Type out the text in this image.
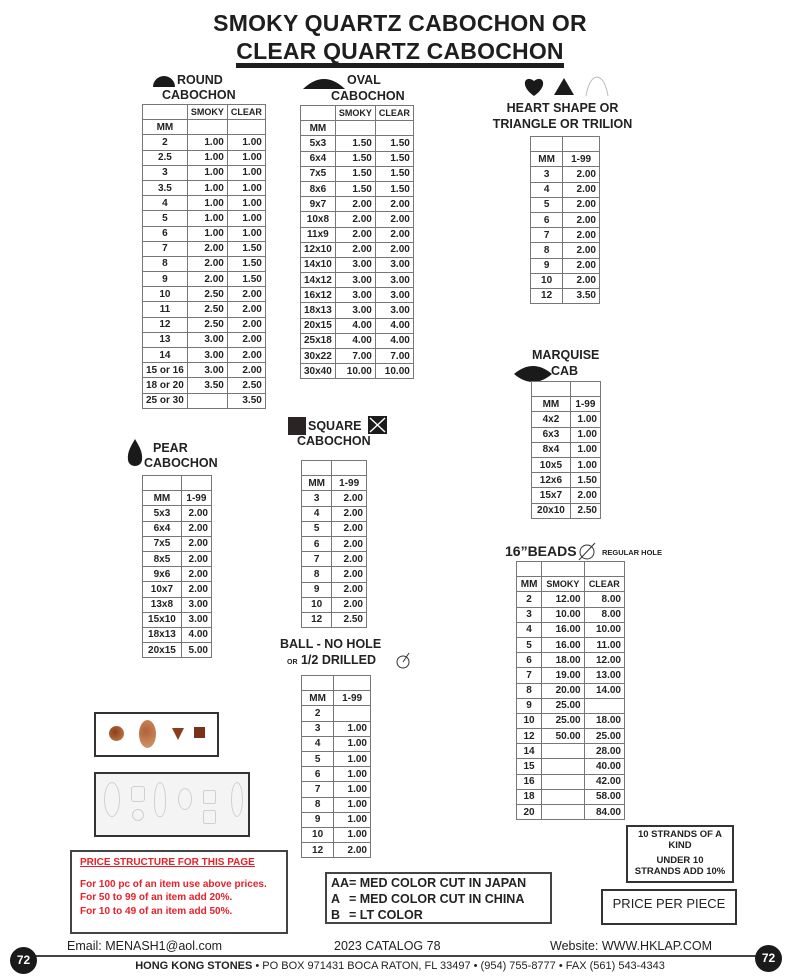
SMOKY QUARTZ CABOCHON OR
CLEAR QUARTZ CABOCHON
ROUND
CABOCHON
	SMOKY	CLEAR
MM		
2	1.00	1.00
2.5	1.00	1.00
3	1.00	1.00
3.5	1.00	1.00
4	1.00	1.00
5	1.00	1.00
6	1.00	1.00
7	2.00	1.50
8	2.00	1.50
9	2.00	1.50
10	2.50	2.00
11	2.50	2.00
12	2.50	2.00
13	3.00	2.00
14	3.00	2.00
15 or 16	3.00	2.00
18 or 20	3.50	2.50
25 or 30		3.50
OVAL
CABOCHON
	SMOKY	CLEAR
MM		
5x3	1.50	1.50
6x4	1.50	1.50
7x5	1.50	1.50
8x6	1.50	1.50
9x7	2.00	2.00
10x8	2.00	2.00
11x9	2.00	2.00
12x10	2.00	2.00
14x10	3.00	3.00
14x12	3.00	3.00
16x12	3.00	3.00
18x13	3.00	3.00
20x15	4.00	4.00
25x18	4.00	4.00
30x22	7.00	7.00
30x40	10.00	10.00
HEART SHAPE OR
TRIANGLE OR TRILION

MM	1-99
3	2.00
4	2.00
5	2.00
6	2.00
7	2.00
8	2.00
9	2.00
10	2.00
12	3.50
MARQUISE
CAB

MM	1-99
4x2	1.00
6x3	1.00
8x4	1.00
10x5	1.00
12x6	1.50
15x7	2.00
20x10	2.50
PEAR
CABOCHON

MM	1-99
5x3	2.00
6x4	2.00
7x5	2.00
8x5	2.00
9x6	2.00
10x7	2.00
13x8	3.00
15x10	3.00
18x13	4.00
20x15	5.00
SQUARE
CABOCHON

MM	1-99
3	2.00
4	2.00
5	2.00
6	2.00
7	2.00
8	2.00
9	2.00
10	2.00
12	2.50
BALL - NO HOLE
OR 1/2 DRILLED

MM	1-99
2	
3	1.00
4	1.00
5	1.00
6	1.00
7	1.00
8	1.00
9	1.00
10	1.00
12	2.00
16”BEADS	REGULAR HOLE

MM	SMOKY	CLEAR
2	12.00	8.00
3	10.00	8.00
4	16.00	10.00
5	16.00	11.00
6	18.00	12.00
7	19.00	13.00
8	20.00	14.00
9	25.00	
10	25.00	18.00
12	50.00	25.00
14		28.00
15		40.00
16		42.00
18		58.00
20		84.00
PRICE STRUCTURE FOR THIS PAGE
For 100 pc of an item use above prices.
For 50 to 99 of an item add 20%.
For 10 to 49 of an item add 50%.
AA = MED COLOR CUT IN JAPAN
A = MED COLOR CUT IN CHINA
B = LT COLOR
10 STRANDS OF A
KIND
UNDER 10
STRANDS ADD 10%
PRICE PER PIECE
Email: MENASH1@aol.com	2023 CATALOG 78	Website: WWW.HKLAP.COM
72	72
HONG KONG STONES • PO BOX 971431 BOCA RATON, FL 33497 • (954) 755-8777 • FAX (561) 543-4343
